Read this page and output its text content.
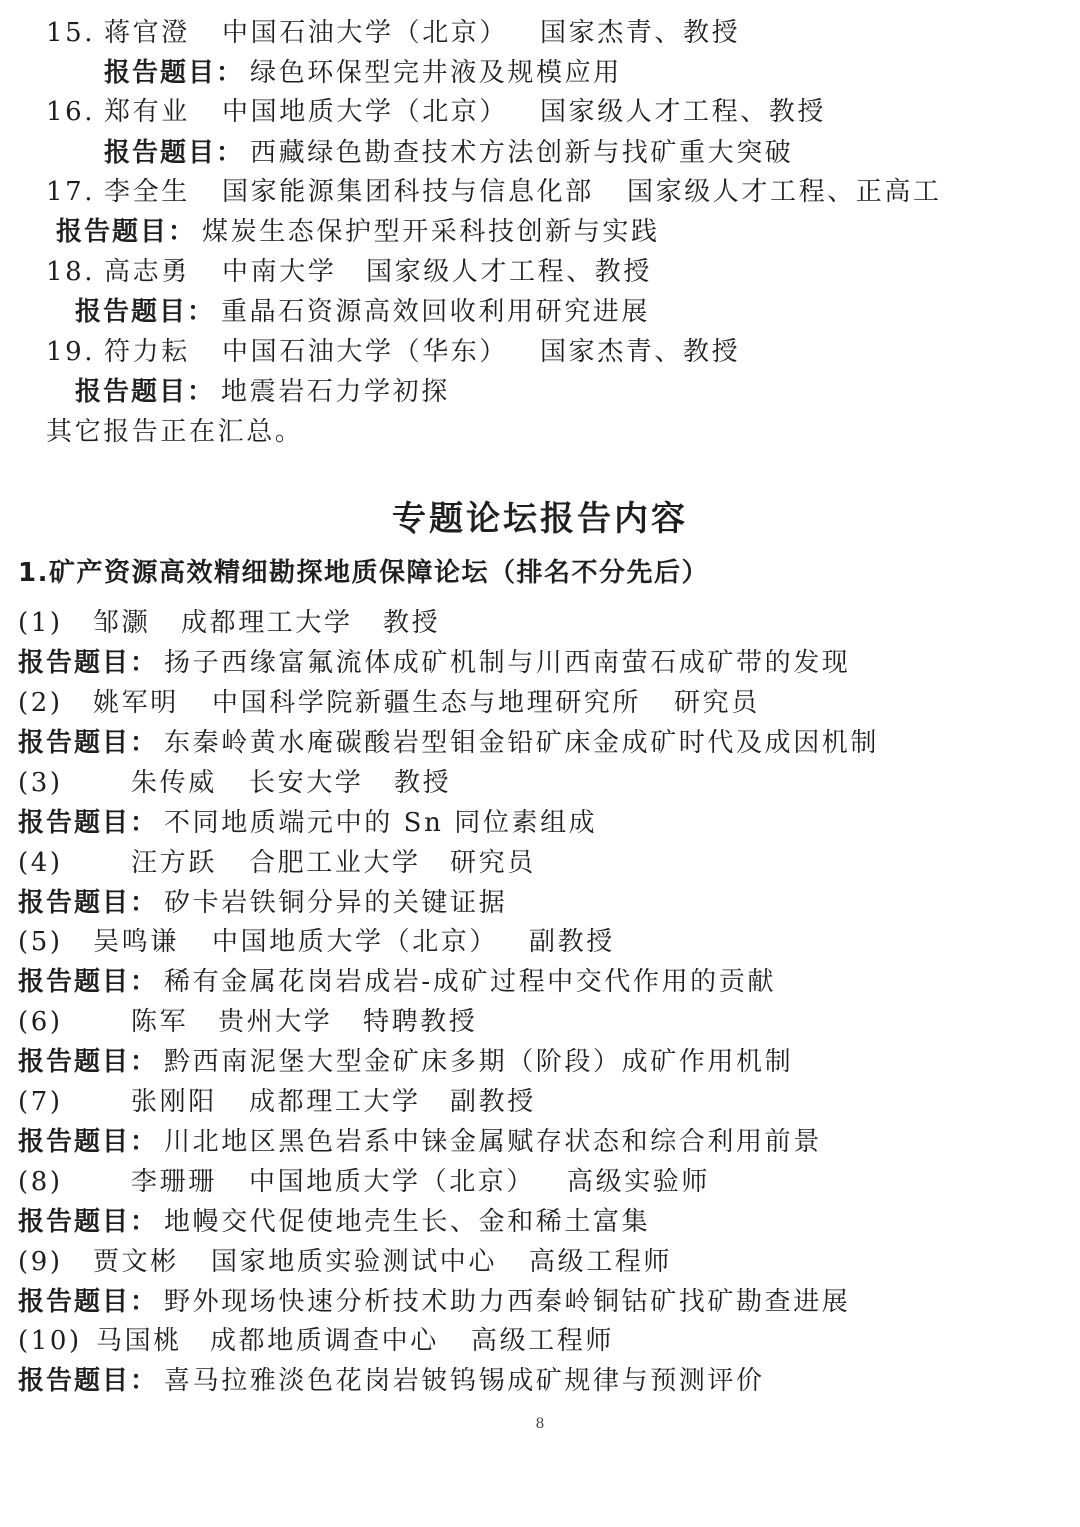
15. 蒋官澄 中国石油大学（北京） 国家杰青、教授
报告题目： 绿色环保型完井液及规模应用
16. 郑有业 中国地质大学（北京） 国家级人才工程、教授
报告题目： 西藏绿色勘查技术方法创新与找矿重大突破
17. 李全生 国家能源集团科技与信息化部 国家级人才工程、正高工
报告题目： 煤炭生态保护型开采科技创新与实践
18. 高志勇 中南大学 国家级人才工程、教授
报告题目： 重晶石资源高效回收利用研究进展
19. 符力耘 中国石油大学（华东） 国家杰青、教授
报告题目： 地震岩石力学初探
其它报告正在汇总。
专题论坛报告内容
1.矿产资源高效精细勘探地质保障论坛（排名不分先后）
(1) 邹灏 成都理工大学 教授
报告题目： 扬子西缘富氟流体成矿机制与川西南萤石成矿带的发现
(2) 姚军明 中国科学院新疆生态与地理研究所 研究员
报告题目： 东秦岭黄水庵碳酸岩型钼金铅矿床金成矿时代及成因机制
(3)	朱传威 长安大学 教授
报告题目： 不同地质端元中的 Sn 同位素组成
(4)	汪方跃 合肥工业大学 研究员
报告题目： 矽卡岩铁铜分异的关键证据
(5) 吴鸣谦 中国地质大学（北京） 副教授
报告题目： 稀有金属花岗岩成岩-成矿过程中交代作用的贡献
(6)	陈军 贵州大学 特聘教授
报告题目： 黔西南泥堡大型金矿床多期（阶段）成矿作用机制
(7)	张刚阳 成都理工大学 副教授
报告题目： 川北地区黑色岩系中铼金属赋存状态和综合利用前景
(8)	李珊珊 中国地质大学（北京） 高级实验师
报告题目： 地幔交代促使地壳生长、金和稀土富集
(9) 贾文彬 国家地质实验测试中心 高级工程师
报告题目： 野外现场快速分析技术助力西秦岭铜钴矿找矿勘查进展
(10) 马国桃 成都地质调查中心 高级工程师
报告题目： 喜马拉雅淡色花岗岩铍钨锡成矿规律与预测评价
8
